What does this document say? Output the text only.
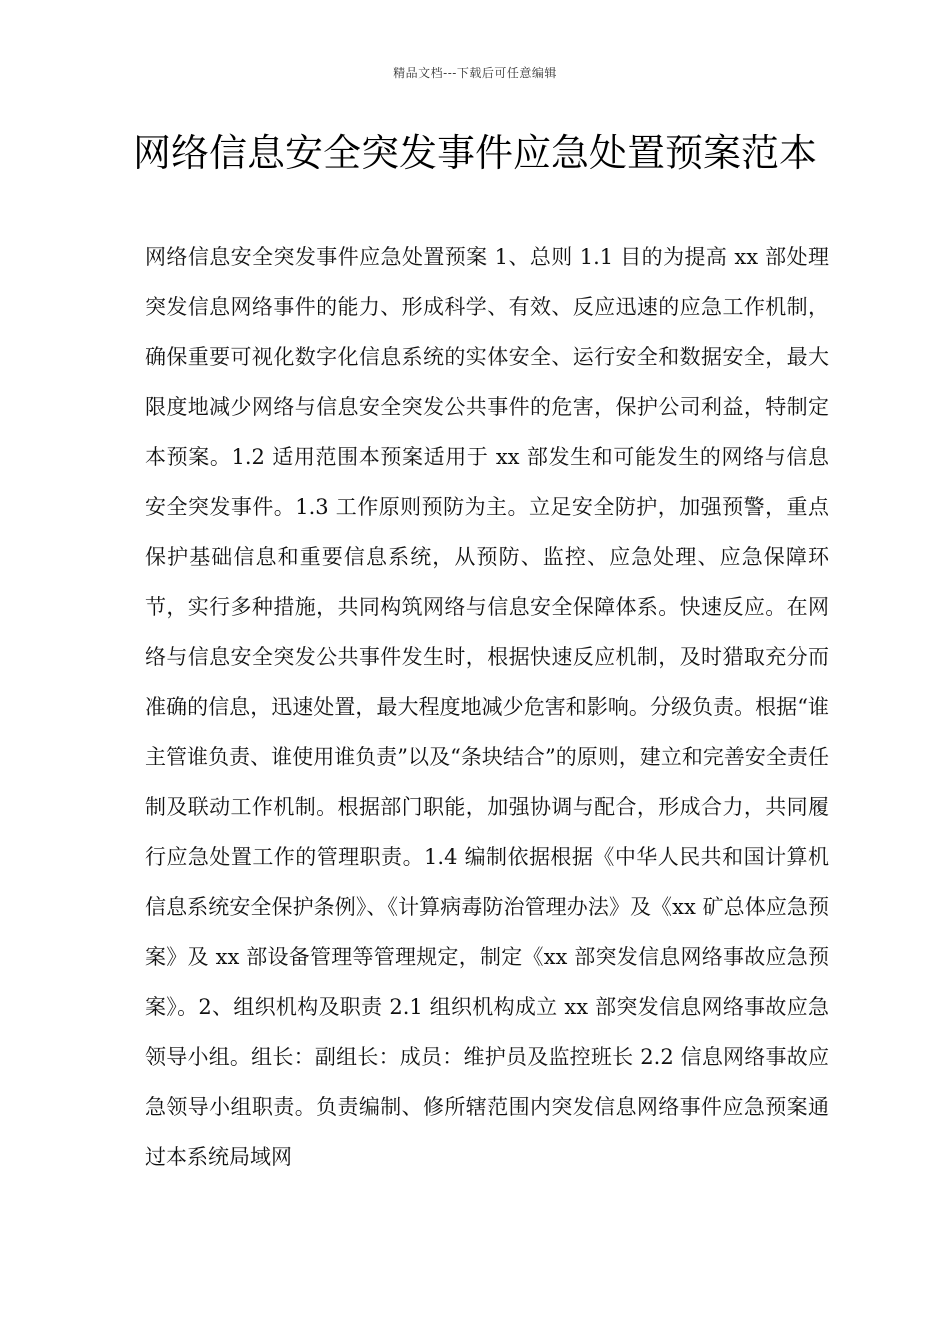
精品文档---下载后可任意编辑
网络信息安全突发事件应急处置预案范本

网络信息安全突发事件应急处置预案 1、总则 1.1 目的为提高 xx 部处理突发信息网络事件的能力、形成科学、有效、反应迅速的应急工作机制，确保重要可视化数字化信息系统的实体安全、运行安全和数据安全，最大限度地减少网络与信息安全突发公共事件的危害，保护公司利益，特制定本预案。1.2 适用范围本预案适用于 xx 部发生和可能发生的网络与信息安全突发事件。1.3 工作原则预防为主。立足安全防护，加强预警，重点保护基础信息和重要信息系统，从预防、监控、应急处理、应急保障环节，实行多种措施，共同构筑网络与信息安全保障体系。快速反应。在网络与信息安全突发公共事件发生时，根据快速反应机制，及时猎取充分而准确的信息，迅速处置，最大程度地减少危害和影响。分级负责。根据“谁主管谁负责、谁使用谁负责”以及“条块结合”的原则，建立和完善安全责任制及联动工作机制。根据部门职能，加强协调与配合，形成合力，共同履行应急处置工作的管理职责。1.4 编制依据根据《中华人民共和国计算机信息系统安全保护条例》、《计算病毒防治管理办法》及《xx 矿总体应急预案》及 xx 部设备管理等管理规定，制定《xx 部突发信息网络事故应急预案》。2、组织机构及职责 2.1 组织机构成立 xx 部突发信息网络事故应急领导小组。组长：副组长：成员：维护员及监控班长 2.2 信息网络事故应急领导小组职责。负责编制、修所辖范围内突发信息网络事件应急预案通过本系统局域网
